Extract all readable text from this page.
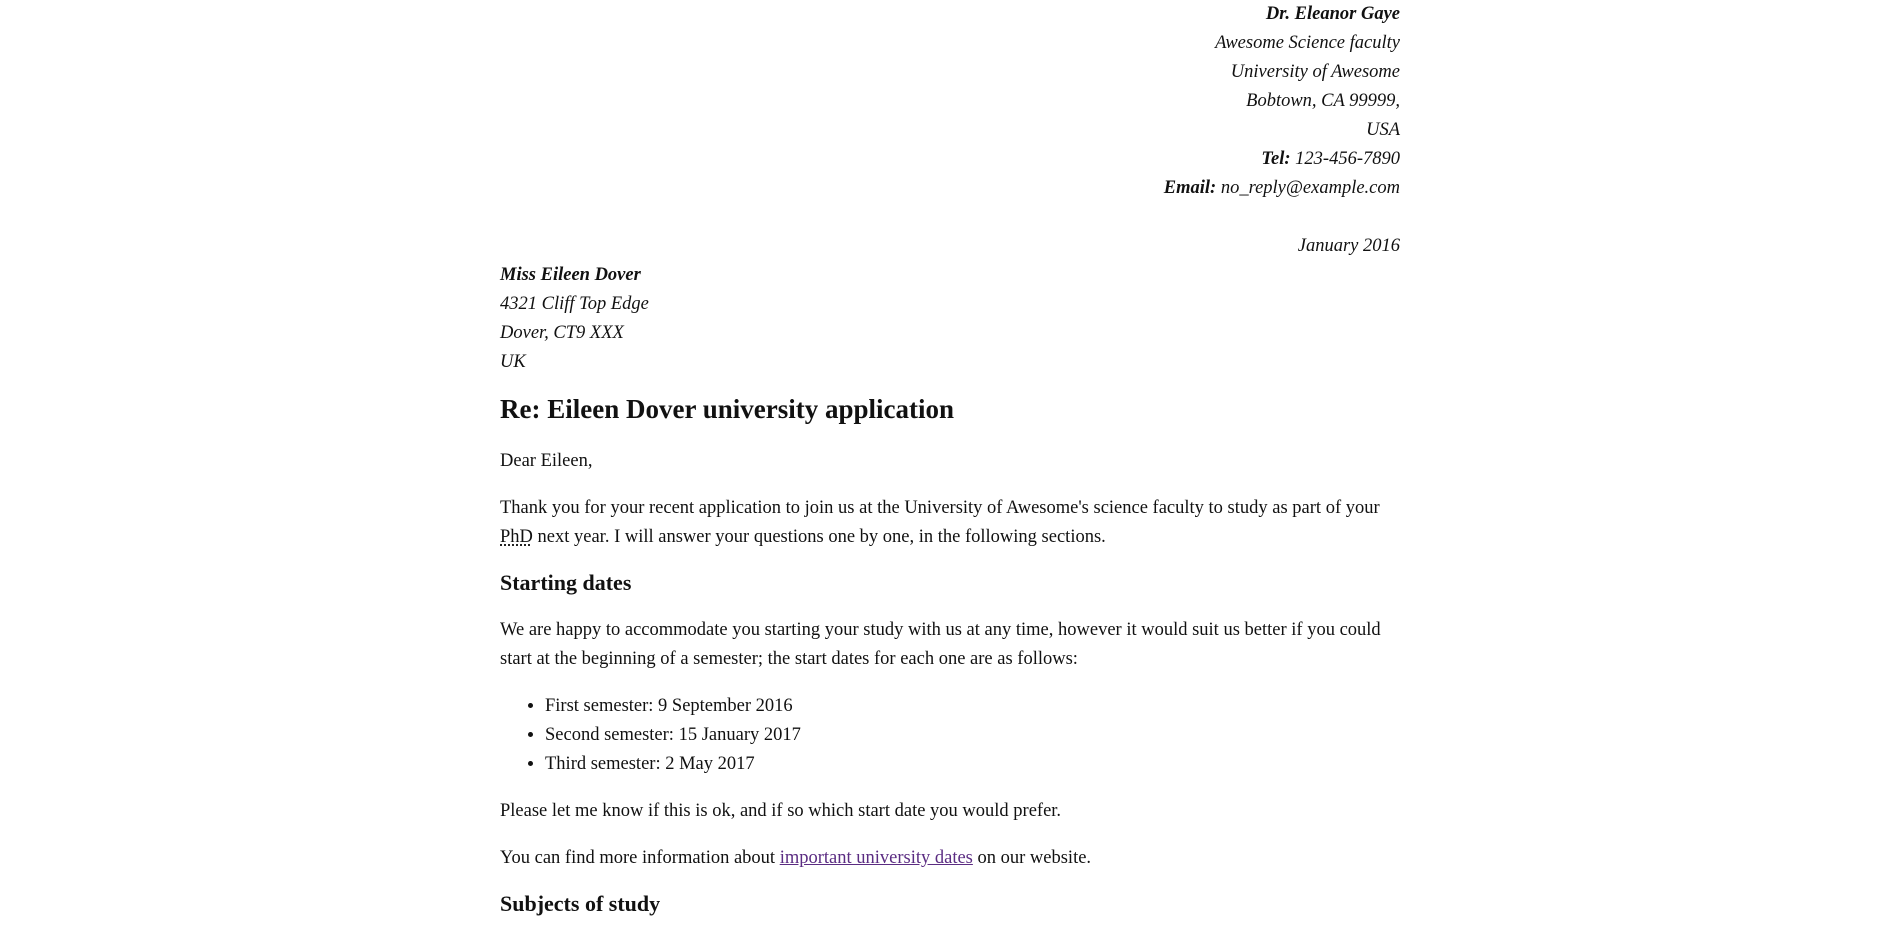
Dr. Eleanor Gaye
Awesome Science faculty
University of Awesome
Bobtown, CA 99999,
USA
Tel: 123-456-7890
Email: no_reply@example.com
January 2016
Miss Eileen Dover
4321 Cliff Top Edge
Dover, CT9 XXX
UK
Re: Eileen Dover university application

Dear Eileen,

Thank you for your recent application to join us at the University of Awesome's science faculty to study as part of your PhD next year. I will answer your questions one by one, in the following sections.

Starting dates

We are happy to accommodate you starting your study with us at any time, however it would suit us better if you could start at the beginning of a semester; the start dates for each one are as follows:

• First semester: 9 September 2016
• Second semester: 15 January 2017
• Third semester: 2 May 2017

Please let me know if this is ok, and if so which start date you would prefer.

You can find more information about important university dates on our website.

Subjects of study
